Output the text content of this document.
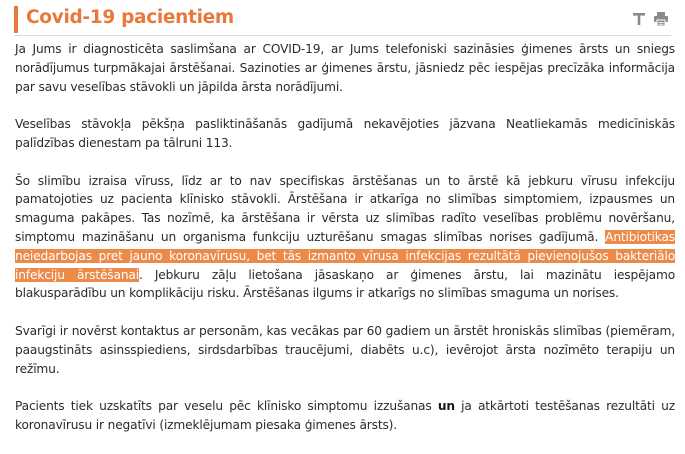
Covid-19 pacientiem

Ja Jums ir diagnosticēta saslimšana ar COVID-19, ar Jums telefoniski sazināsies ģimenes ārsts un sniegs norādījumus turpmākajai ārstēšanai. Sazinoties ar ģimenes ārstu, jāsniedz pēc iespējas precīzāka informācija par savu veselības stāvokli un jāpilda ārsta norādījumi.

Veselības stāvokļa pēkšņa pasliktināšanās gadījumā nekavējoties jāzvana Neatliekamās medicīniskās palīdzības dienestam pa tālruni 113.

Šo slimību izraisa vīruss, līdz ar to nav specifiskas ārstēšanas un to ārstē kā jebkuru vīrusu infekciju pamatojoties uz pacienta klīnisko stāvokli. Ārstēšana ir atkarīga no slimības simptomiem, izpausmes un smaguma pakāpes. Tas nozīmē, ka ārstēšana ir vērsta uz slimības radīto veselības problēmu novēršanu, simptomu mazināšanu un organisma funkciju uzturēšanu smagas slimības norises gadījumā. Antibiotikas neiedarbojas pret jauno koronavīrusu, bet tās izmanto vīrusa infekcijas rezultātā pievienojušos bakteriālo infekciju ārstēšanai. Jebkuru zāļu lietošana jāsaskaņo ar ģimenes ārstu, lai mazinātu iespējamo blakusparādību un komplikāciju risku. Ārstēšanas ilgums ir atkarīgs no slimības smaguma un norises.

Svarīgi ir novērst kontaktus ar personām, kas vecākas par 60 gadiem un ārstēt hroniskās slimības (piemēram, paaugstināts asinsspiediens, sirdsdarbības traucējumi, diabēts u.c), ievērojot ārsta nozīmēto terapiju un režīmu.

Pacients tiek uzskatīts par veselu pēc klīnisko simptomu izzušanas un ja atkārtoti testēšanas rezultāti uz koronavīrusu ir negatīvi (izmeklējumam piesaka ģimenes ārsts).
